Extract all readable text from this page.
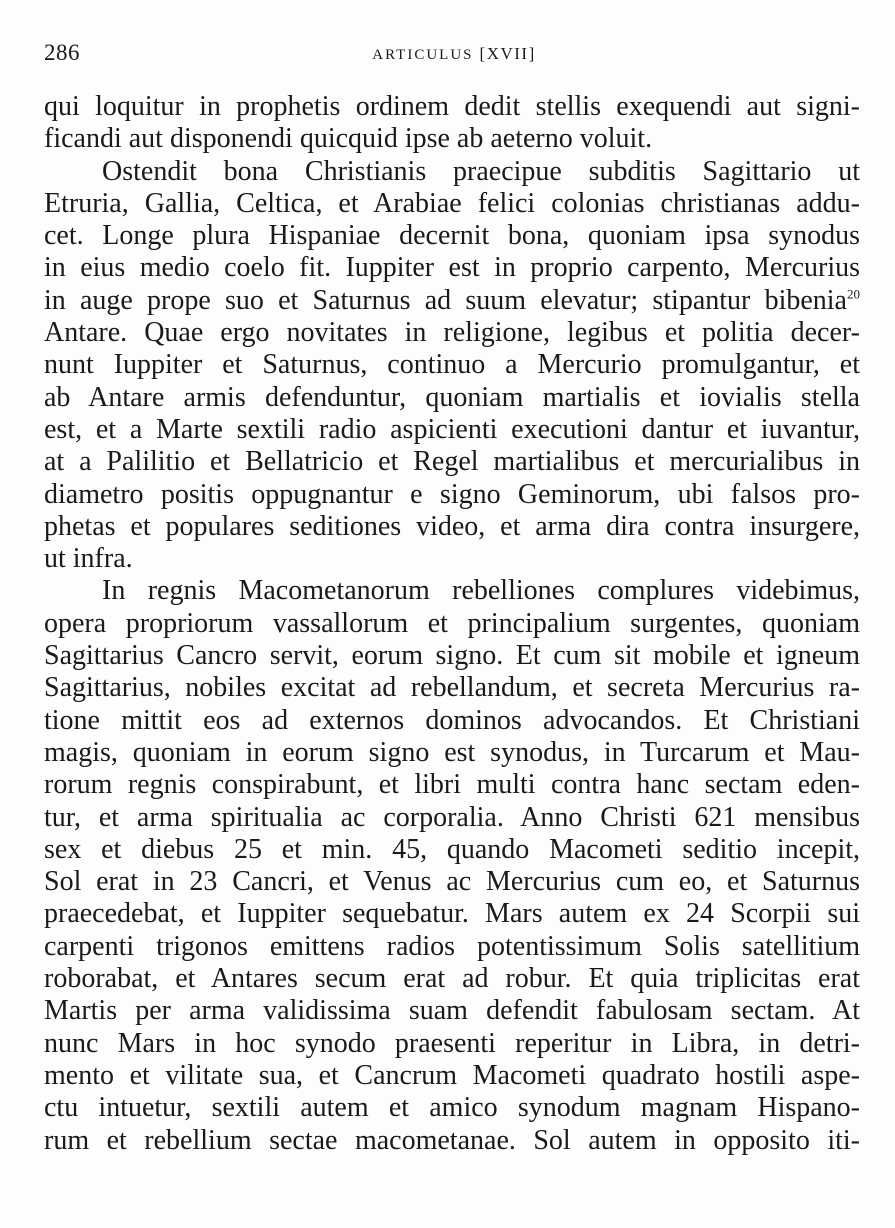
286	ARTICULUS [XVII]
qui loquitur in prophetis ordinem dedit stellis exequendi aut signi-
ficandi aut disponendi quicquid ipse ab aeterno voluit.
Ostendit bona Christianis praecipue subditis Sagittario ut
Etruria, Gallia, Celtica, et Arabiae felici colonias christianas addu-
cet. Longe plura Hispaniae decernit bona, quoniam ipsa synodus
in eius medio coelo fit. Iuppiter est in proprio carpento, Mercurius
in auge prope suo et Saturnus ad suum elevatur; stipantur bibenia$^{20}$
Antare. Quae ergo novitates in religione, legibus et politia decer-
nunt Iuppiter et Saturnus, continuo a Mercurio promulgantur, et
ab Antare armis defenduntur, quoniam martialis et iovialis stella
est, et a Marte sextili radio aspicienti executioni dantur et iuvantur,
at a Palilitio et Bellatricio et Regel martialibus et mercurialibus in
diametro positis oppugnantur e signo Geminorum, ubi falsos pro-
phetas et populares seditiones video, et arma dira contra insurgere,
ut infra.
In regnis Macometanorum rebelliones complures videbimus,
opera propriorum vassallorum et principalium surgentes, quoniam
Sagittarius Cancro servit, eorum signo. Et cum sit mobile et igneum
Sagittarius, nobiles excitat ad rebellandum, et secreta Mercurius ra-
tione mittit eos ad externos dominos advocandos. Et Christiani
magis, quoniam in eorum signo est synodus, in Turcarum et Mau-
rorum regnis conspirabunt, et libri multi contra hanc sectam eden-
tur, et arma spiritualia ac corporalia. Anno Christi 621 mensibus
sex et diebus 25 et min. 45, quando Macometi seditio incepit,
Sol erat in 23 Cancri, et Venus ac Mercurius cum eo, et Saturnus
praecedebat, et Iuppiter sequebatur. Mars autem ex 24 Scorpii sui
carpenti trigonos emittens radios potentissimum Solis satellitium
roborabat, et Antares secum erat ad robur. Et quia triplicitas erat
Martis per arma validissima suam defendit fabulosam sectam. At
nunc Mars in hoc synodo praesenti reperitur in Libra, in detri-
mento et vilitate sua, et Cancrum Macometi quadrato hostili aspe-
ctu intuetur, sextili autem et amico synodum magnam Hispano-
rum et rebellium sectae macometanae. Sol autem in opposito iti-
